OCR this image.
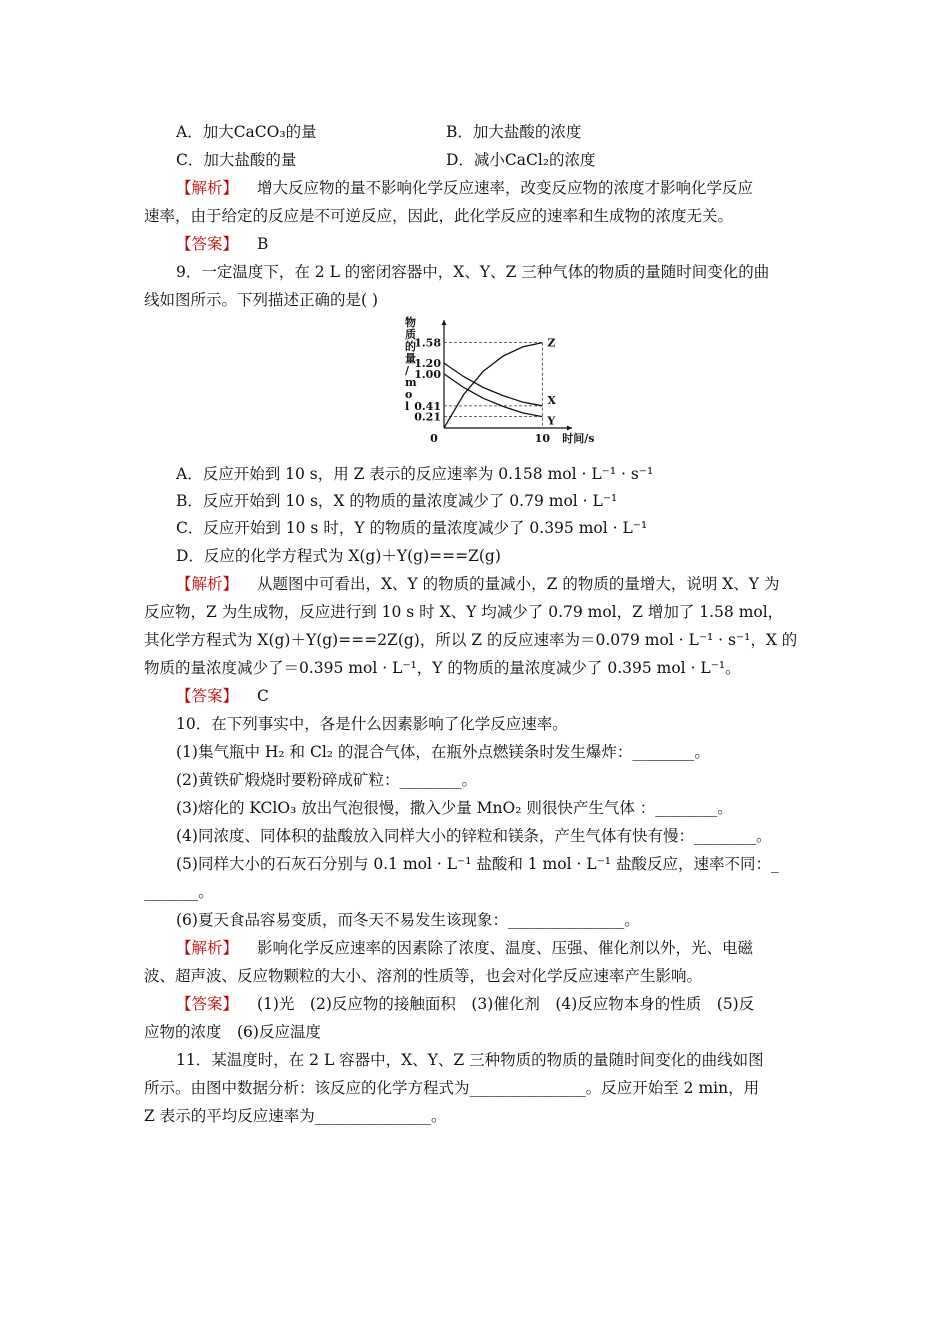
A．加大CaCO₃的量	B．加大盐酸的浓度
C．加大盐酸的量	D．减小CaCl₂的浓度
【解析】 增大反应物的量不影响化学反应速率，改变反应物的浓度才影响化学反应
速率，由于给定的反应是不可逆反应，因此，此化学反应的速率和生成物的浓度无关。
【答案】 B
9．一定温度下，在 2 L 的密闭容器中，X、Y、Z 三种气体的物质的量随时间变化的曲
线如图所示。下列描述正确的是( )
物质的量/ m o l
0.21
0.41
1.00
1.20
1.58
0	10 时间/s
Z
X
Y
A．反应开始到 10 s，用 Z 表示的反应速率为 0.158 mol · L⁻¹ · s⁻¹
B．反应开始到 10 s，X 的物质的量浓度减少了 0.79 mol · L⁻¹
C．反应开始到 10 s 时，Y 的物质的量浓度减少了 0.395 mol · L⁻¹
D．反应的化学方程式为 X(g)＋Y(g)===Z(g)
【解析】 从题图中可看出，X、Y 的物质的量减小，Z 的物质的量增大，说明 X、Y 为
反应物，Z 为生成物，反应进行到 10 s 时 X、Y 均减少了 0.79 mol，Z 增加了 1.58 mol，
其化学方程式为 X(g)＋Y(g)===2Z(g)，所以 Z 的反应速率为＝0.079 mol · L⁻¹ · s⁻¹，X 的
物质的量浓度减少了＝0.395 mol · L⁻¹，Y 的物质的量浓度减少了 0.395 mol · L⁻¹。
【答案】 C
10．在下列事实中，各是什么因素影响了化学反应速率。
(1)集气瓶中 H₂ 和 Cl₂ 的混合气体，在瓶外点燃镁条时发生爆炸：________。
(2)黄铁矿煅烧时要粉碎成矿粒：________。
(3)熔化的 KClO₃ 放出气泡很慢，撒入少量 MnO₂ 则很快产生气体 ：________。
(4)同浓度、同体积的盐酸放入同样大小的锌粒和镁条，产生气体有快有慢：________。
(5)同样大小的石灰石分别与 0.1 mol · L⁻¹ 盐酸和 1 mol · L⁻¹ 盐酸反应，速率不同：_
_______。
(6)夏天食品容易变质，而冬天不易发生该现象：_______________。
【解析】 影响化学反应速率的因素除了浓度、温度、压强、催化剂以外，光、电磁
波、超声波、反应物颗粒的大小、溶剂的性质等，也会对化学反应速率产生影响。
【答案】 (1)光　(2)反应物的接触面积　(3)催化剂　(4)反应物本身的性质　(5)反
应物的浓度　(6)反应温度
11．某温度时，在 2 L 容器中，X、Y、Z 三种物质的物质的量随时间变化的曲线如图
所示。由图中数据分析：该反应的化学方程式为_______________。反应开始至 2 min，用
Z 表示的平均反应速率为_______________。
